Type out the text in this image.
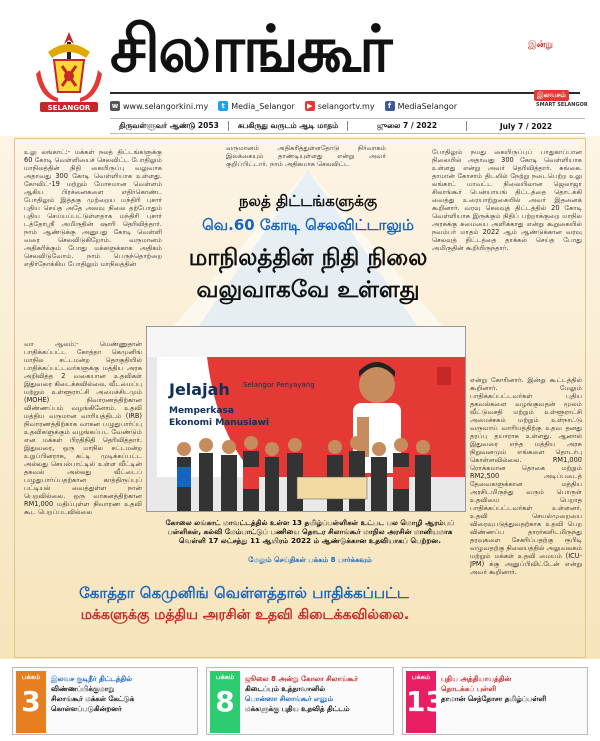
SELANGOR
சிலாங்கூர்
w www.selangorkini.my	t Media_Selangor	▶ selangortv.my	f MediaSelangor
இன்று
இலவசம்
SMART SELANGOR
திருவள்ளுவர் ஆண்டு 2053	சுபகிருது வருடம் ஆடி மாதம்	ஜுலை 7 / 2022	July 7 / 2022
உலு லங்காட்:- மக்கள் நலத் திட்டங்களுக்கு 60 கோடி வெள்ளியைச் செலவிட்ட போதிலும் மாநிலத்தின் நிதி கையிருப்பு வலுவாக அதாவது 300 கோடி வெள்ளியாக உள்ளது. கோவிட்-19 மற்றும் மோசமான வெள்ளம் ஆகிய பிரச்னைகளை எதிர்கொண்ட போதிலும் இத்தகு முற்றைய மந்திரி புசார் புதிய செய்த அதே அலவு நிலை தற்போதும் புதிய செய்யப்பட்டுள்ளதாக மந்திரி புசார் டத்தோஸ்ரீ அமிருதின் ஷாரி தெரிவித்தார். நாம் ஆண்டுக்கு அனுபது கோடி வெள்ளி வரை செலவிடுகிறோம். வருமானம் அதிகரிக்கும் போது மக்களுக்காக அதிகம் செலவிடுவோம். நாம் பெருந்தொற்றை எதிர்நோக்கிய போதிலும் மாநிலத்தின்
வருமானம் அதிகரித்துள்ளதோடு நிர்வாகம் இலக்கையும் தாண்டியுள்ளது என்று அவர் குறிப்பிட்டார். நாம் அதிகமாக செலவிட்ட
போதிலும் நமது கையிருப்புப் பாதுகாப்பான நிலையில் அதாவது 300 கோடி வெள்ளியாக உள்ளது என்று அவர் தெரிவித்தார். சுங்கை. தாமான் கோசாம் திடலில் நேற்று நடைபெற்ற உலு லங்காட் மாவட்ட நிலையிலான ஜெலாஜா சிலாங்கூர் பென்யாயங் திட்டத்தை தொடக்கி வைத்து உரையாற்றுகையில் அவர் இதனைக் கூறினார். வரவு செலவுத் திட்டத்தில் 20 கோடி வெள்ளியாக இருக்கும் நிதிப் பற்றாக்குறை மாநில அரசுக்கு சுமையை அளிக்காது என்று கூறுகையில் நவம்பர் மாதம் 2022 ஆம் ஆண்டுக்கான வரவு செலவுத் திட்டத்தை தாக்கல் செய்த போது அமிருதின் கூறியிருந்தார்.
வா ஆலம்:- மெண்ணுதான் பாதிக்கப்பட்ட கோத்தா கெமுனிங் மாநில சட்டமன்ற தொகுதியில் பாதிக்கப்பட்டவர்களுக்கு மத்திய அரசு அறிவித்த 2 வகையான உதவிகள் இதுவரை கிடைக்கவில்லை. வீடமைப்பு மற்றும் உள்ளூராட்சி அமைச்சிடமும் (MOHE) நிவாரணத்திற்கான விண்ணப்பம் வழங்கினோம். உதவி மத்திய வருமான வாரியத்திடம் (IRB) நிவாரணத்திற்காக வாகன பழுதுபார்ப்பு உதவிகளுக்கும் வழங்கப்பட வேண்டும் என மக்கள் பிரதிநிதி தெரிவித்தார். இதுவரை, ஒரு மாநில சட்டமன்ற உறுப்பினராக, கட்டி முடிக்கப்பட்ட அல்லது செயல்பாட்டில் உள்ள வீட்டின் தகவல் அல்லது வீட்டைப் பழுதுபார்ப்பதற்கான காத்திருப்புப் பட்டியல் வைத்துள்ள நான் பெறவில்லை. ஒரு வாகனத்திற்கான RM1,000 மதிப்புள்ள நிவாரண உதவி கூட பெறப்படவில்லை
என்று கோரினார். இன்று கூட்டத்தில் கூறினார். மேலும் பாதிக்கப்பட்டவர்கள் புதிய தகவல்களை வழங்குவதன் மூலம் வீட்டுவசதி மற்றும் உள்ளூராட்சி அமைச்சகம் மற்றும் உள்நாட்டு வருவாய் வாரியத்திற்கு உதவ தனது தரப்பு தயாராக உள்ளது. ஆனால் இதுவரை எந்த மத்திய அரசு நிறுவனமும் எங்களை தொடர்பு கொள்ளவில்லை. RM1,000 ரொக்கமான தொகை மற்றும் RM2,500 அடிப்படைத் தேவைகளுக்கான மத்திய அரசிடமிருந்து வரும் பொருள் உதவியை பெறாத பாதிக்கப்பட்டவர்கள் உள்ளனர். உதவி செயல்முறையை விரைவுபடுத்துவதற்காக உதவி பெற விண்ணப்ப தாரர்களிடமிருந்து தரவுகளை சேகரிப்பதற்கு ரூபிடி வழுவதற்கு நிலையத்தில் அலுவலகம் மற்றும் மக்கள் உதவி மையம் (ICU-JPM) க்கு அனுப்பிவிட்டேன் என்று அவர் கூறினார்.
நலத் திட்டங்களுக்கு
வெ.60 கோடி செலவிட்டாலும்
மாநிலத்தின் நிதி நிலை
வலுவாகவே உள்ளது
Jelajah Selangor Penyayang
Memperkasa
Ekonomi Manusiawi
கோலை லங்காட் மாவட்டத்தில் உள்ள 13 தமிழ்ப்பள்ளிகள் உட்பட பல மொழி ஆரம்பப் பள்ளிகள், கல்வி மேம்பாட்டுப் பணியை தொடர சிலாங்கூர் மாநில அரசின் மானியமாக வெள்ளி 17 லட்சத்து 11 ஆயிரம் 2022 ம் ஆண்டுக்கான உதவியாகப் பெற்றன.
மேலும் செய்திகள் பக்கம் 8 பார்க்கவும்
கோத்தா கெமுனிங் வெள்ளத்தால் பாதிக்கப்பட்ட
மக்களுக்கு மத்திய அரசின் உதவி கிடைக்கவில்லை.
பக்கம்
3
இலவச குடிநீர் திட்டத்தில்
விண்ணப்பிக்குமாறு
சிலாங்கூர் மக்கள் கேட்டுக்
கொள்ளப்படுகின்றனர்
பக்கம்
8
ஜூலை 8 அன்று கோலா சிலாங்கூர்
கிடைப்பும் உத்தாவானில்
பொன்ஸா சிலாங்கூர் எனும்
மக்களுக்கு புதிய உதவித் திட்டம்
பக்கம்
13
புதிய அத்தியாயத்தின்
தொடக்கப் புள்ளி
தாமான் செந்தோசா தமிழ்ப்பள்ளி
